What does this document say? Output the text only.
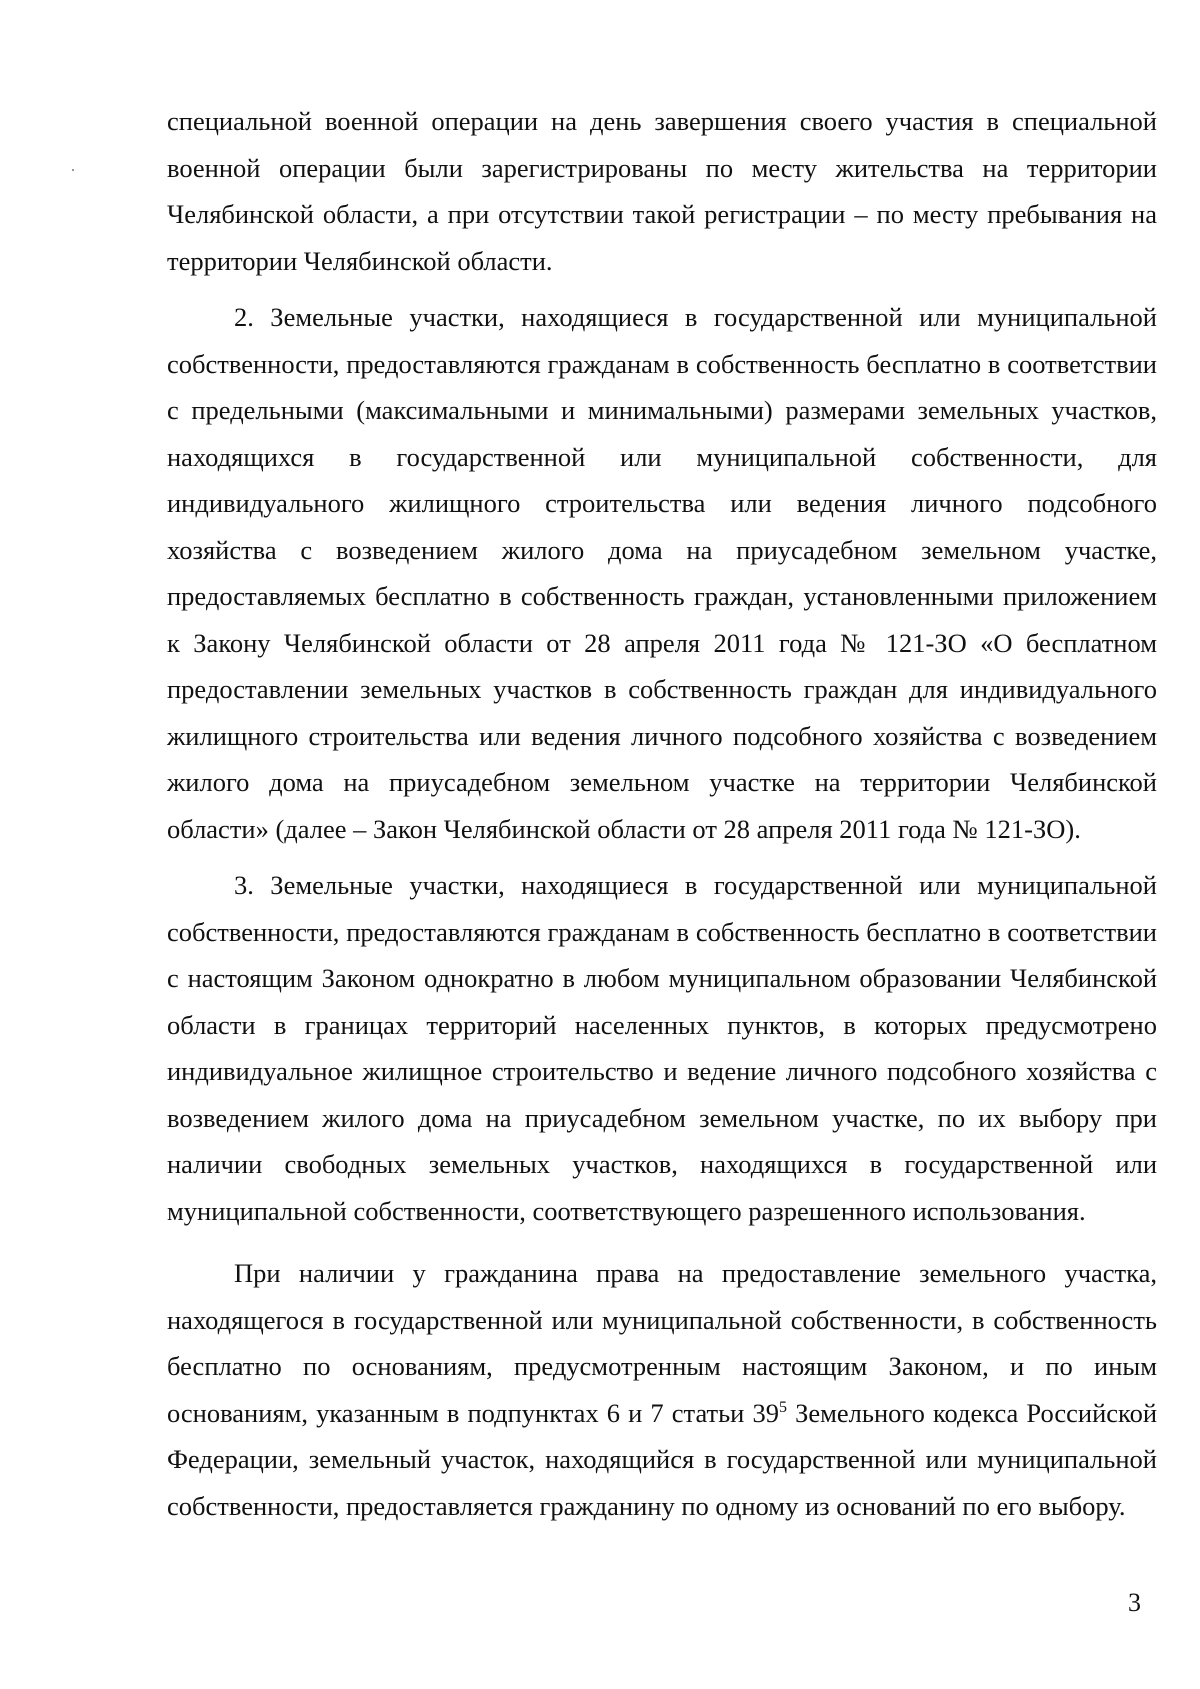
специальной военной операции на день завершения своего участия в специальной военной операции были зарегистрированы по месту жительства на территории Челябинской области, а при отсутствии такой регистрации – по месту пребывания на территории Челябинской области.

2. Земельные участки, находящиеся в государственной или муниципальной собственности, предоставляются гражданам в собственность бесплатно в соответствии с предельными (максимальными и минимальными) размерами земельных участков, находящихся в государственной или муниципальной собственности, для индивидуального жилищного строительства или ведения личного подсобного хозяйства с возведением жилого дома на приусадебном земельном участке, предоставляемых бесплатно в собственность граждан, установленными приложением к Закону Челябинской области от 28 апреля 2011 года № 121-ЗО «О бесплатном предоставлении земельных участков в собственность граждан для индивидуального жилищного строительства или ведения личного подсобного хозяйства с возведением жилого дома на приусадебном земельном участке на территории Челябинской области» (далее – Закон Челябинской области от 28 апреля 2011 года № 121-ЗО).

3. Земельные участки, находящиеся в государственной или муниципальной собственности, предоставляются гражданам в собственность бесплатно в соответствии с настоящим Законом однократно в любом муниципальном образовании Челябинской области в границах территорий населенных пунктов, в которых предусмотрено индивидуальное жилищное строительство и ведение личного подсобного хозяйства с возведением жилого дома на приусадебном земельном участке, по их выбору при наличии свободных земельных участков, находящихся в государственной или муниципальной собственности, соответствующего разрешенного использования.

При наличии у гражданина права на предоставление земельного участка, находящегося в государственной или муниципальной собственности, в собственность бесплатно по основаниям, предусмотренным настоящим Законом, и по иным основаниям, указанным в подпунктах 6 и 7 статьи $39^5$ Земельного кодекса Российской Федерации, земельный участок, находящийся в государственной или муниципальной собственности, предоставляется гражданину по одному из оснований по его выбору.

3
